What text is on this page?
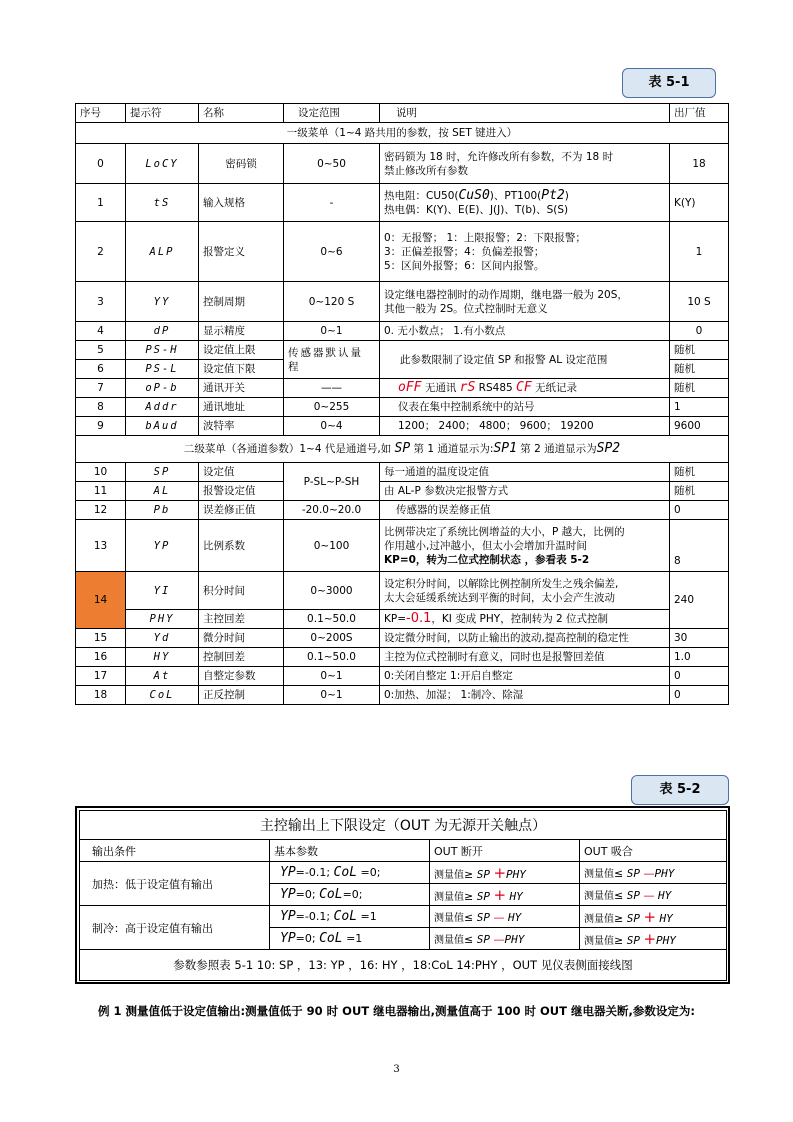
表 5-1
序号	提示符	名称	设定范围	说明	出厂值
一级菜单（1~4 路共用的参数，按 SET 键进入）					
0	LoCY	密码锁	0~50	密码锁为 18 时，允许修改所有参数，不为 18 时
禁止修改所有参数	18
1	tS	输入规格	-	热电阻：CU50(CuS0)、PT100(Pt2)
热电偶：K(Y)、E(E)、J(J)、T(b)、S(S)	K(Y)
2	ALP	报警定义	0~6	0：无报警； 1：上限报警；2：下限报警；
3：正偏差报警；4：负偏差报警；
5：区间外报警；6：区间内报警。	1
3	YY	控制周期	0~120 S	设定继电器控制时的动作周期，继电器一般为 20S，
其他一般为 2S。位式控制时无意义	10 S
4	dP	显示精度	0~1	0. 无小数点； 1.有小数点	0
5	PS-H	设定值上限	传感器默认量程	此参数限制了设定值 SP 和报警 AL 设定范围	随机
6	PS-L	设定值下限			随机
7	oP-b	通讯开关	——	oFF 无通讯 rS RS485 CF 无纸记录	随机
8	Addr	通讯地址	0~255	仪表在集中控制系统中的站号	1
9	bAud	波特率	0~4	1200； 2400； 4800； 9600； 19200	9600
二级菜单（各通道参数）1~4 代是通道号,如 SP 第 1 通道显示为:SP1 第 2 通道显示为SP2					
10	SP	设定值	P-SL~P-SH	每一通道的温度设定值	随机
11	AL	报警设定值		由 AL-P 参数决定报警方式	随机
12	Pb	误差修正值	-20.0~20.0	传感器的误差修正值	0
13	YP	比例系数	0~100	比例带决定了系统比例增益的大小，P 越大，比例的
作用越小,过冲越小，但太小会增加升温时间
KP=0，转为二位式控制状态 ，参看表 5-2	8
14	YI	积分时间	0~3000	设定积分时间，以解除比例控制所发生之残余偏差,
太大会延缓系统达到平衡的时间，太小会产生波动	240
	PHY	主控回差	0.1~50.0	KP=-0.1，KI 变成 PHY，控制转为 2 位式控制	
15	Yd	微分时间	0~200S	设定微分时间，以防止输出的波动,提高控制的稳定性	30
16	HY	控制回差	0.1~50.0	主控为位式控制时有意义，同时也是报警回差值	1.0
17	At	自整定参数	0~1	0:关闭自整定 1:开启自整定	0
18	CoL	正反控制	0~1	0:加热、加湿； 1:制冷、除湿	0
表 5-2
主控输出上下限设定（OUT 为无源开关触点）			
输出条件	基本参数	OUT 断开	OUT 吸合
加热：低于设定值有输出	YP=-0.1; CoL =0;	测量值≥ SP +PHY	测量值≤ SP —PHY
	YP=0; CoL=0;	测量值≥ SP + HY	测量值≤ SP — HY
制冷：高于设定值有输出	YP=-0.1; CoL =1	测量值≤ SP — HY	测量值≥ SP + HY
	YP=0; CoL =1	测量值≤ SP —PHY	测量值≥ SP +PHY
参数参照表 5-1 10: SP ，13: YP ，16: HY ，18:CoL 14:PHY ，OUT 见仪表侧面接线图			
例 1 测量值低于设定值输出:测量值低于 90 时 OUT 继电器输出,测量值高于 100 时 OUT 继电器关断,参数设定为:
3
